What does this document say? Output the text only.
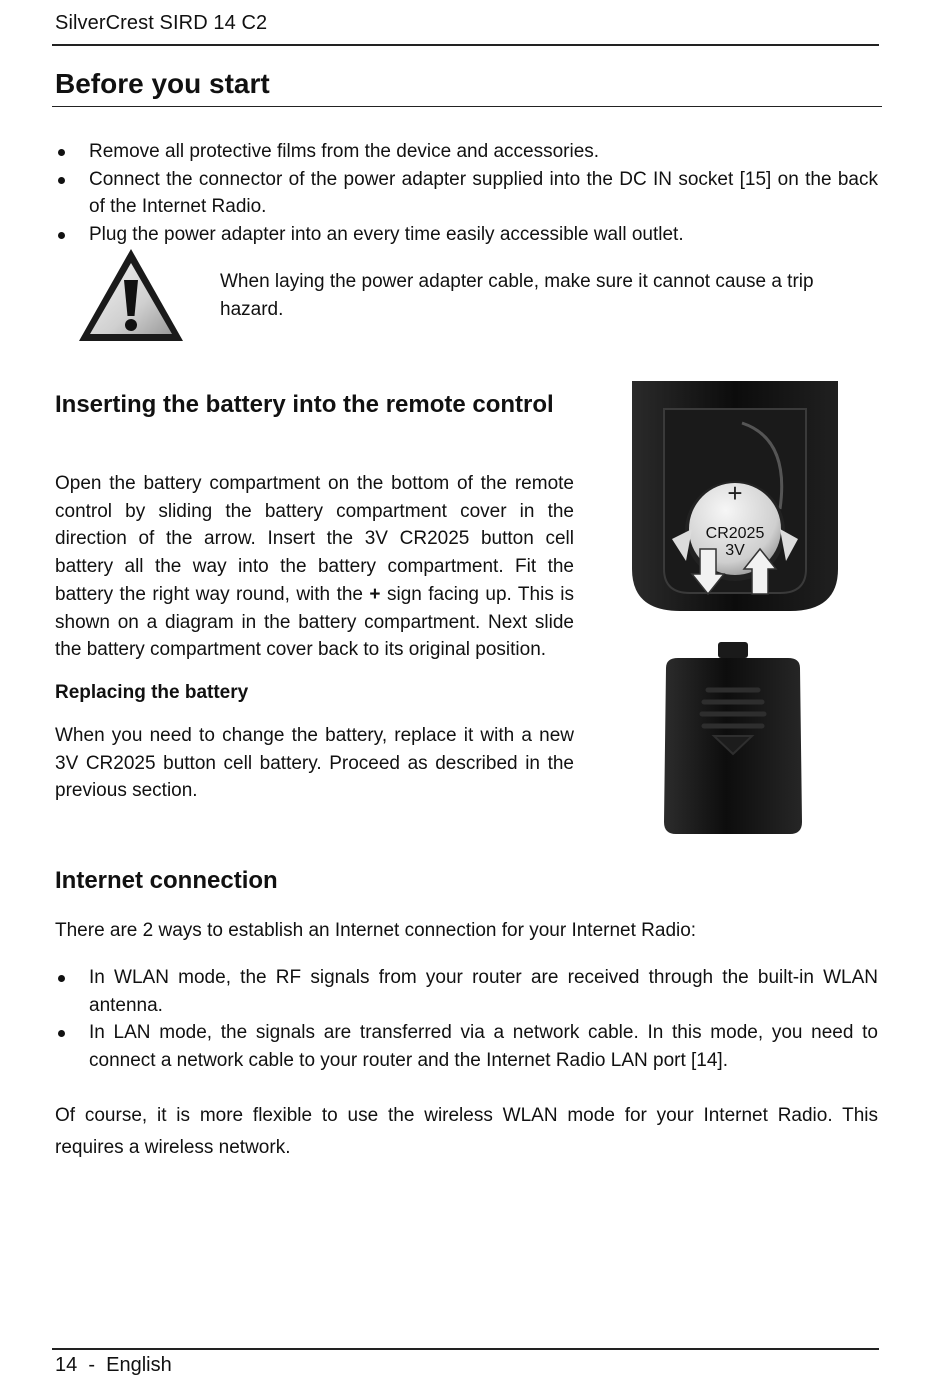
SilverCrest SIRD 14 C2
Before you start
Remove all protective films from the device and accessories.
Connect the connector of the power adapter supplied into the DC IN socket [15] on the back of the Internet Radio.
Plug the power adapter into an every time easily accessible wall outlet.

When laying the power adapter cable, make sure it cannot cause a trip hazard.

Inserting the battery into the remote control

Open the battery compartment on the bottom of the remote control by sliding the battery compartment cover in the direction of the arrow. Insert the 3V CR2025 button cell battery all the way into the battery compartment. Fit the battery the right way round, with the + sign facing up. This is shown on a diagram in the battery compartment. Next slide the battery compartment cover back to its original position.

Replacing the battery

When you need to change the battery, replace it with a new 3V CR2025 button cell battery. Proceed as described in the previous section.

+
CR2025
3V
Internet connection

There are 2 ways to establish an Internet connection for your Internet Radio:

In WLAN mode, the RF signals from your router are received through the built-in WLAN antenna.
In LAN mode, the signals are transferred via a network cable. In this mode, you need to connect a network cable to your router and the Internet Radio LAN port [14].

Of course, it is more flexible to use the wireless WLAN mode for your Internet Radio. This requires a wireless network.

14  -  English
